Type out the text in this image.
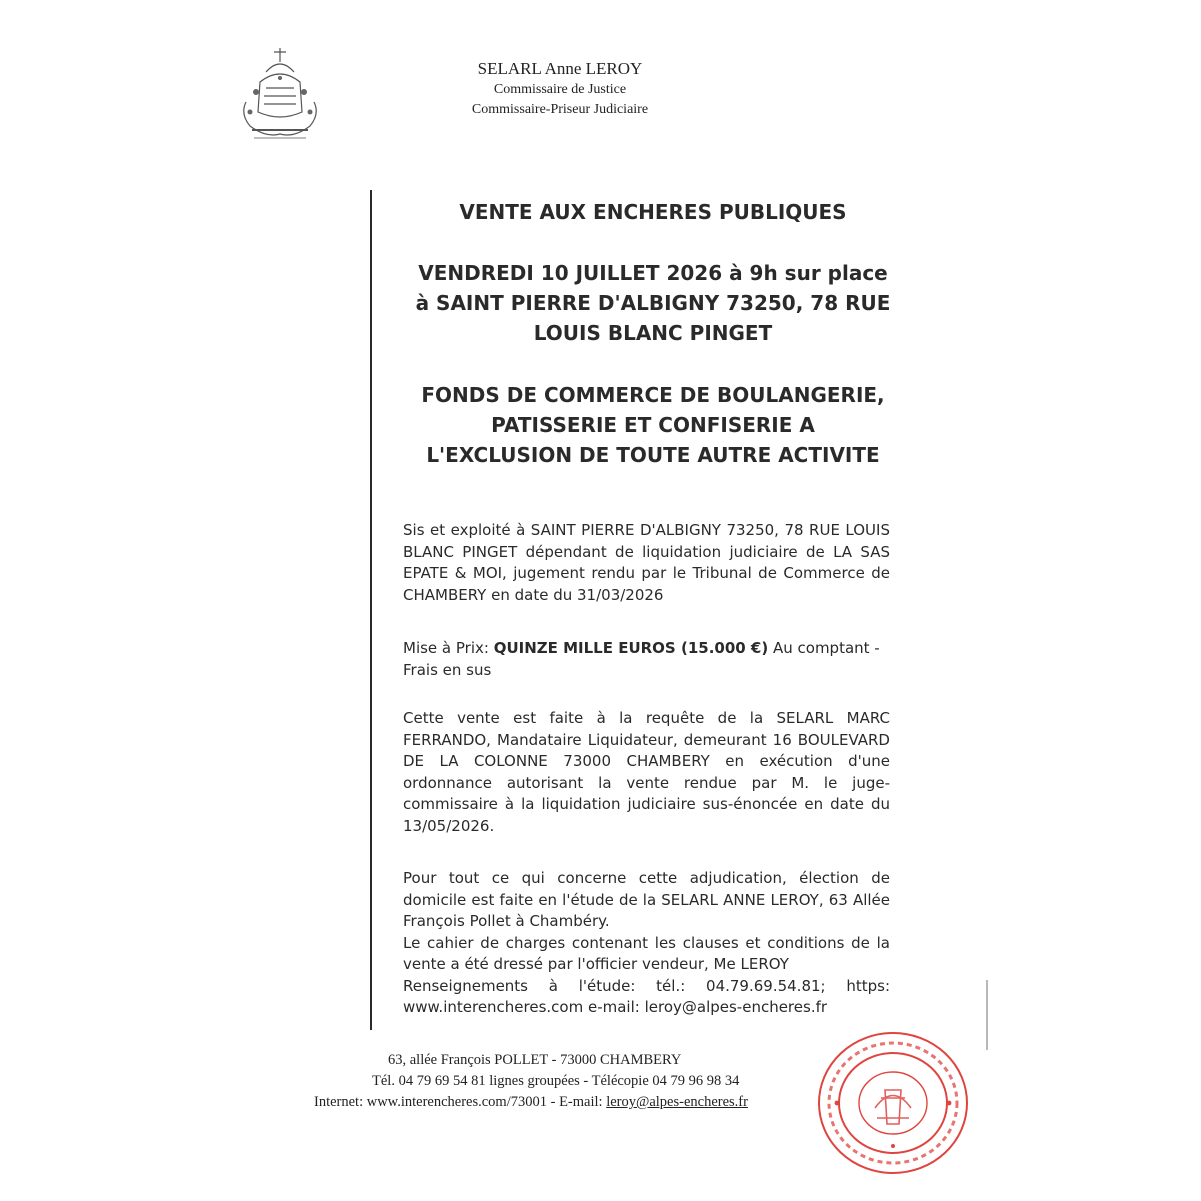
SELARL Anne LEROY
Commissaire de Justice
Commissaire-Priseur Judiciaire
VENTE AUX ENCHERES PUBLIQUES
VENDREDI 10 JUILLET 2026 à 9h sur place
à SAINT PIERRE D'ALBIGNY 73250, 78 RUE
LOUIS BLANC PINGET
FONDS DE COMMERCE DE BOULANGERIE,
PATISSERIE ET CONFISERIE A
L'EXCLUSION DE TOUTE AUTRE ACTIVITE
Sis et exploité à SAINT PIERRE D'ALBIGNY 73250, 78 RUE LOUIS BLANC PINGET dépendant de liquidation judiciaire de LA SAS EPATE & MOI, jugement rendu par le Tribunal de Commerce de CHAMBERY en date du 31/03/2026
Mise à Prix: QUINZE MILLE EUROS (15.000 €) Au comptant - Frais en sus
Cette vente est faite à la requête de la SELARL MARC FERRANDO, Mandataire Liquidateur, demeurant 16 BOULEVARD DE LA COLONNE 73000 CHAMBERY en exécution d'une ordonnance autorisant la vente rendue par M. le juge-commissaire à la liquidation judiciaire sus-énoncée en date du 13/05/2026.
Pour tout ce qui concerne cette adjudication, élection de domicile est faite en l'étude de la SELARL ANNE LEROY, 63 Allée François Pollet à Chambéry.
Le cahier de charges contenant les clauses et conditions de la vente a été dressé par l'officier vendeur, Me LEROY
Renseignements à l'étude: tél.: 04.79.69.54.81; https: www.interencheres.com e-mail: leroy@alpes-encheres.fr
63, allée François POLLET - 73000 CHAMBERY
Tél. 04 79 69 54 81 lignes groupées - Télécopie 04 79 96 98 34
Internet: www.interencheres.com/73001 - E-mail: leroy@alpes-encheres.fr
